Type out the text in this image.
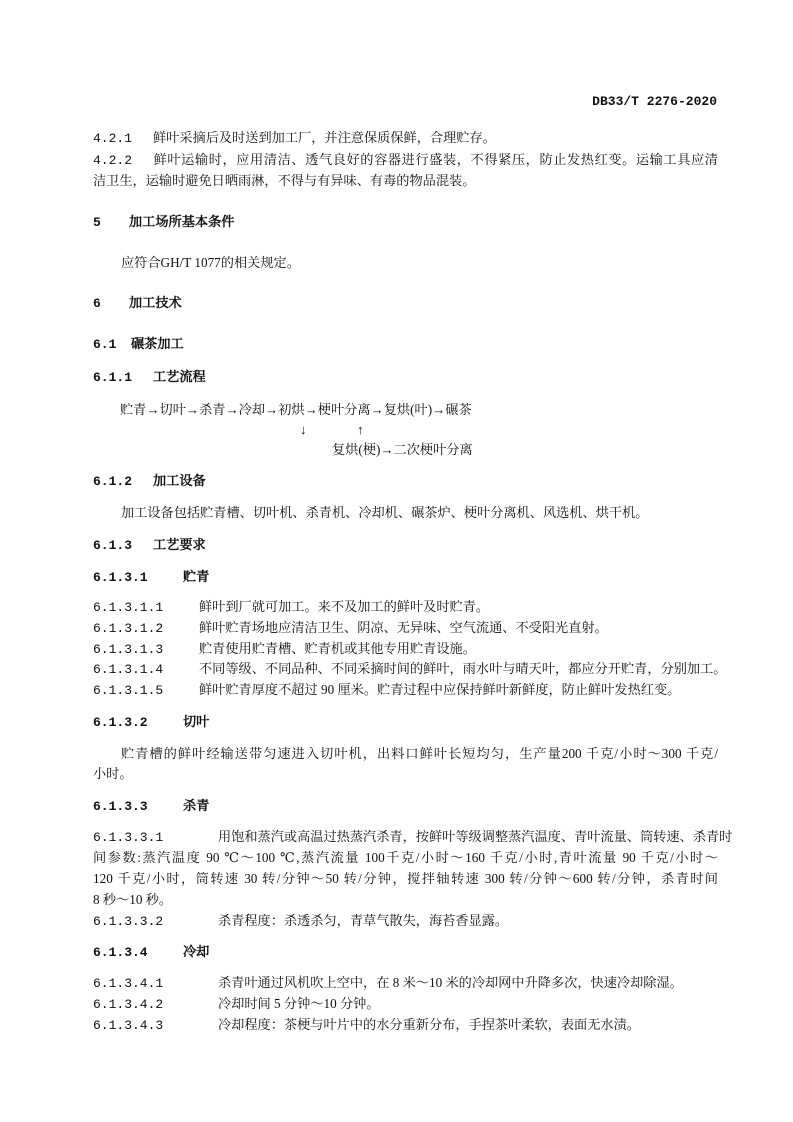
DB33/T 2276-2020
4.2.1 鲜叶采摘后及时送到加工厂，并注意保质保鲜，合理贮存。
4.2.2 鲜叶运输时，应用清洁、透气良好的容器进行盛装，不得紧压，防止发热红变。运输工具应清
洁卫生，运输时避免日晒雨淋，不得与有异味、有毒的物品混装。
5 加工场所基本条件
应符合GH/T 1077的相关规定。
6 加工技术
6.1 碾茶加工
6.1.1 工艺流程
贮青→切叶→杀青→冷却→初烘→梗叶分离→复烘(叶)→碾茶
↓	↑
复烘(梗)→二次梗叶分离
6.1.2 加工设备
加工设备包括贮青槽、切叶机、杀青机、冷却机、碾茶炉、梗叶分离机、风选机、烘干机。
6.1.3 工艺要求
6.1.3.1	贮青
6.1.3.1.1	鲜叶到厂就可加工。来不及加工的鲜叶及时贮青。
6.1.3.1.2	鲜叶贮青场地应清洁卫生、阴凉、无异味、空气流通、不受阳光直射。
6.1.3.1.3	贮青使用贮青槽、贮青机或其他专用贮青设施。
6.1.3.1.4	不同等级、不同品种、不同采摘时间的鲜叶，雨水叶与晴天叶，都应分开贮青，分别加工。
6.1.3.1.5	鲜叶贮青厚度不超过 90 厘米。贮青过程中应保持鲜叶新鲜度，防止鲜叶发热红变。
6.1.3.2	切叶
贮青槽的鲜叶经输送带匀速进入切叶机，出料口鲜叶长短均匀，生产量200 千克/小时～300 千克/
小时。
6.1.3.3	杀青
6.1.3.3.1	用饱和蒸汽或高温过热蒸汽杀青，按鲜叶等级调整蒸汽温度、青叶流量、筒转速、杀青时
间参数:蒸汽温度 90 ℃～100 ℃,蒸汽流量 100千克/小时～160 千克/小时,青叶流量 90 千克/小时～
120 千克/小时，筒转速 30 转/分钟～50 转/分钟，搅拌轴转速 300 转/分钟～600 转/分钟，杀青时间
8 秒～10 秒。
6.1.3.3.2	杀青程度：杀透杀匀，青草气散失，海苔香显露。
6.1.3.4	冷却
6.1.3.4.1	杀青叶通过风机吹上空中，在 8 米～10 米的冷却网中升降多次，快速冷却除湿。
6.1.3.4.2	冷却时间 5 分钟～10 分钟。
6.1.3.4.3	冷却程度：茶梗与叶片中的水分重新分布，手捏茶叶柔软，表面无水渍。
